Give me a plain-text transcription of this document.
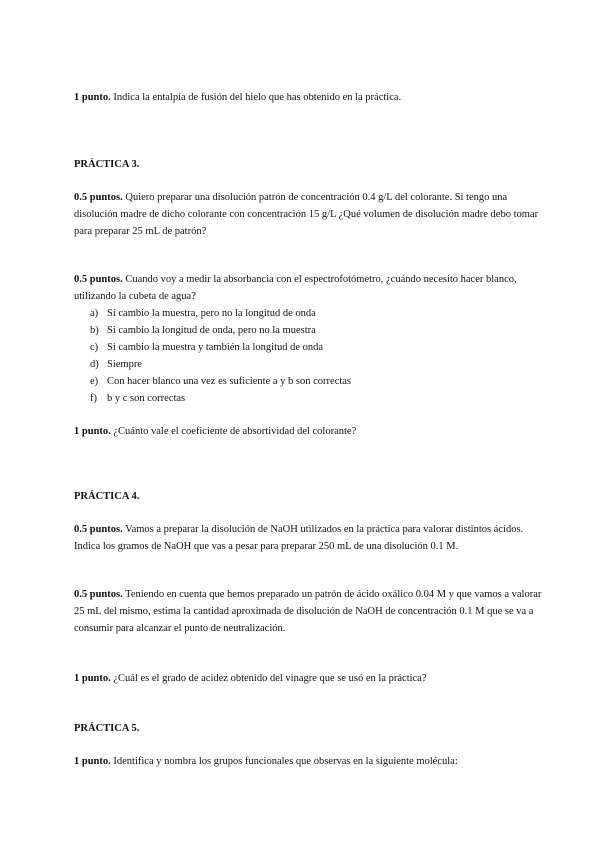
1 punto. Indica la entalpía de fusión del hielo que has obtenido en la práctica.
PRÁCTICA 3.
0.5 puntos. Quiero preparar una disolución patrón de concentración 0.4 g/L del colorante. Si tengo una disolución madre de dicho colorante con concentración 15 g/L ¿Qué volumen de disolución madre debo tomar para preparar 25 mL de patrón?
0.5 puntos. Cuando voy a medir la absorbancia con el espectrofotómetro, ¿cuándo necesito hacer blanco, utilizando la cubeta de agua?
a) Si cambio la muestra, pero no la longitud de onda
b) Si cambio la longitud de onda, pero no la muestra
c) Si cambio la muestra y también la longitud de onda
d) Siempre
e) Con hacer blanco una vez es suficiente a y b son correctas
f) b y c son correctas
1 punto. ¿Cuánto vale el coeficiente de absortividad del colorante?
PRÁCTICA 4.
0.5 puntos. Vamos a preparar la disolución de NaOH utilizados en la práctica para valorar distintos ácidos. Indica los gramos de NaOH que vas a pesar para preparar 250 mL de una disolución 0.1 M.
0.5 puntos. Teniendo en cuenta que hemos preparado un patrón de ácido oxálico 0.04 M y que vamos a valorar 25 mL del mismo, estima la cantidad aproximada de disolución de NaOH de concentración 0.1 M que se va a consumir para alcanzar el punto de neutralización.
1 punto. ¿Cuál es el grado de acidez obtenido del vinagre que se usó en la práctica?
PRÁCTICA 5.
1 punto. Identifica y nombra los grupos funcionales que observas en la siguiente molécula:
